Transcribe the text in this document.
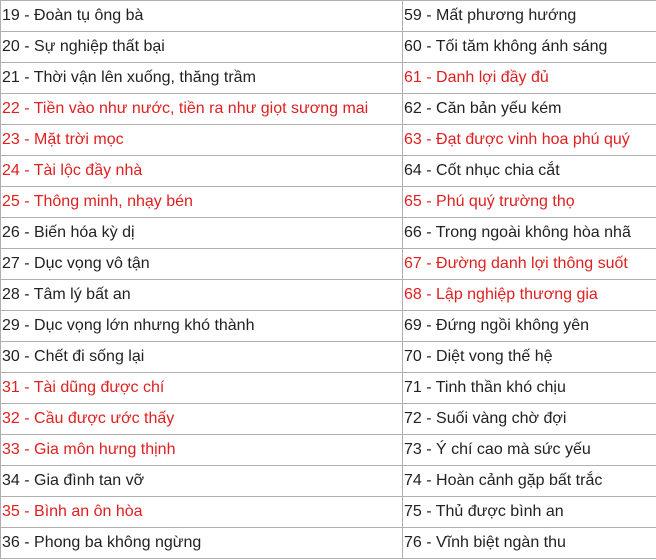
19 - Đoàn tụ ông bà	59 - Mất phương hướng
20 - Sự nghiệp thất bại	60 - Tối tăm không ánh sáng
21 - Thời vận lên xuống, thăng trầm	61 - Danh lợi đầy đủ
22 - Tiền vào như nước, tiền ra như giọt sương mai	62 - Căn bản yếu kém
23 - Mặt trời mọc	63 - Đạt được vinh hoa phú quý
24 - Tài lộc đầy nhà	64 - Cốt nhục chia cắt
25 - Thông minh, nhạy bén	65 - Phú quý trường thọ
26 - Biến hóa kỳ dị	66 - Trong ngoài không hòa nhã
27 - Dục vọng vô tận	67 - Đường danh lợi thông suốt
28 - Tâm lý bất an	68 - Lập nghiệp thương gia
29 - Dục vọng lớn nhưng khó thành	69 - Đứng ngồi không yên
30 - Chết đi sống lại	70 - Diệt vong thế hệ
31 - Tài dũng được chí	71 - Tinh thần khó chịu
32 - Cầu được ước thấy	72 - Suối vàng chờ đợi
33 - Gia môn hưng thịnh	73 - Ý chí cao mà sức yếu
34 - Gia đình tan vỡ	74 - Hoàn cảnh gặp bất trắc
35 - Bình an ôn hòa	75 - Thủ được bình an
36 - Phong ba không ngừng	76 - Vĩnh biệt ngàn thu
